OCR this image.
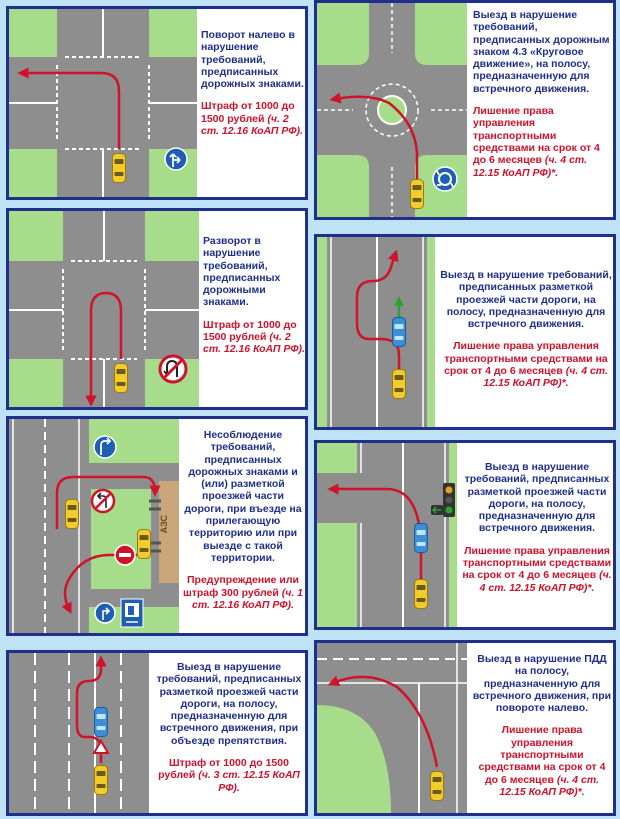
Поворот налево в нарушение требований, предписанных дорожных знаками.
Штраф от 1000 до 1500 рублей (ч. 2 ст. 12.16 КоАП РФ).
Выезд в нарушение требований, предписанных дорожным знаком 4.3 «Круговое движение», на полосу, предназначенную для встречного движения.
Лишение права управления транспортными средствами на срок от 4 до 6 месяцев (ч. 4 ст. 12.15 КоАП РФ)*.
Разворот в нарушение требований, предписанных дорожными знаками.
Штраф от 1000 до 1500 рублей (ч. 2 ст. 12.16 КоАП РФ).
Выезд в нарушение требований, предписанных разметкой проезжей части дороги, на полосу, предназначенную для встречного движения.
Лишение права управления транспортными средствами на срок от 4 до 6 месяцев (ч. 4 ст. 12.15 КоАП РФ)*.
АЗС
Несоблюдение требований, предписанных дорожных знаками и (или) разметкой проезжей части дороги, при въезде на прилегающую территорию или при выезде с такой территории.
Предупреждение или штраф 300 рублей (ч. 1 ст. 12.16 КоАП РФ).
Выезд в нарушение требований, предписанных разметкой проезжей части дороги, на полосу, предназначенную для встречного движения.
Лишение права управления транспортными средствами на срок от 4 до 6 месяцев (ч. 4 ст. 12.15 КоАП РФ)*.
Выезд в нарушение требований, предписанных разметкой проезжей части дороги, на полосу, предназначенную для встречного движения, при объезде препятствия.
Штраф от 1000 до 1500 рублей (ч. 3 ст. 12.15 КоАП РФ).
Выезд в нарушение ПДД на полосу, предназначенную для встречного движения, при повороте налево.
Лишение права управления транспортными средствами на срок от 4 до 6 месяцев (ч. 4 ст. 12.15 КоАП РФ)*.
